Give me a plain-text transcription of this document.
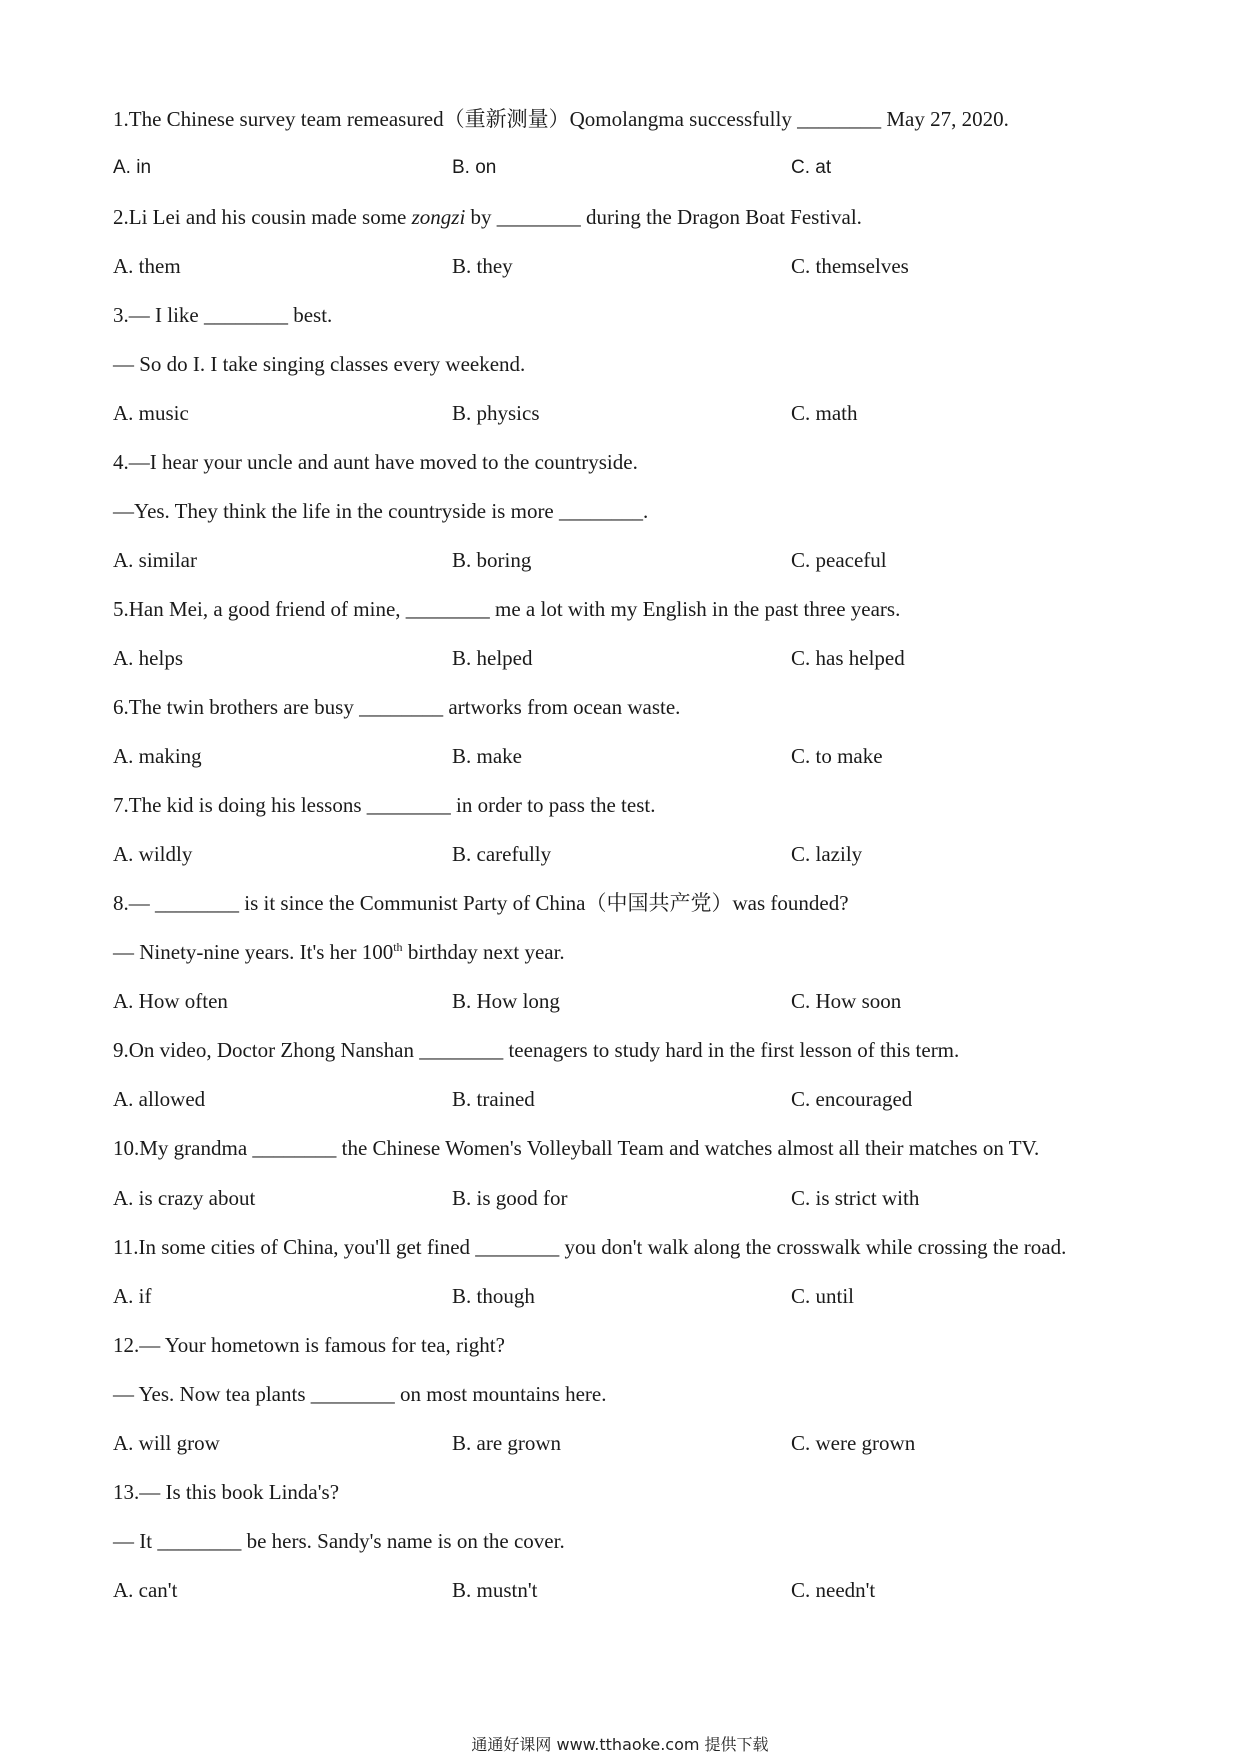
1.The Chinese survey team remeasured（重新测量）Qomolangma successfully ________ May 27, 2020.
A. in	B. on	C. at
2.Li Lei and his cousin made some zongzi by ________ during the Dragon Boat Festival.
A. them	B. they	C. themselves
3.— I like ________ best.
— So do I. I take singing classes every weekend.
A. music	B. physics	C. math
4.—I hear your uncle and aunt have moved to the countryside.
—Yes. They think the life in the countryside is more ________.
A. similar	B. boring	C. peaceful
5.Han Mei, a good friend of mine, ________ me a lot with my English in the past three years.
A. helps	B. helped	C. has helped
6.The twin brothers are busy ________ artworks from ocean waste.
A. making	B. make	C. to make
7.The kid is doing his lessons ________ in order to pass the test.
A. wildly	B. carefully	C. lazily
8.— ________ is it since the Communist Party of China（中国共产党）was founded?
— Ninety-nine years. It's her 100th birthday next year.
A. How often	B. How long	C. How soon
9.On video, Doctor Zhong Nanshan ________ teenagers to study hard in the first lesson of this term.
A. allowed	B. trained	C. encouraged
10.My grandma ________ the Chinese Women's Volleyball Team and watches almost all their matches on TV.
A. is crazy about	B. is good for	C. is strict with
11.In some cities of China, you'll get fined ________ you don't walk along the crosswalk while crossing the road.
A. if	B. though	C. until
12.— Your hometown is famous for tea, right?
— Yes. Now tea plants ________ on most mountains here.
A. will grow	B. are grown	C. were grown
13.— Is this book Linda's?
— It ________ be hers. Sandy's name is on the cover.
A. can't	B. mustn't	C. needn't
通通好课网 www.tthaoke.com 提供下载
